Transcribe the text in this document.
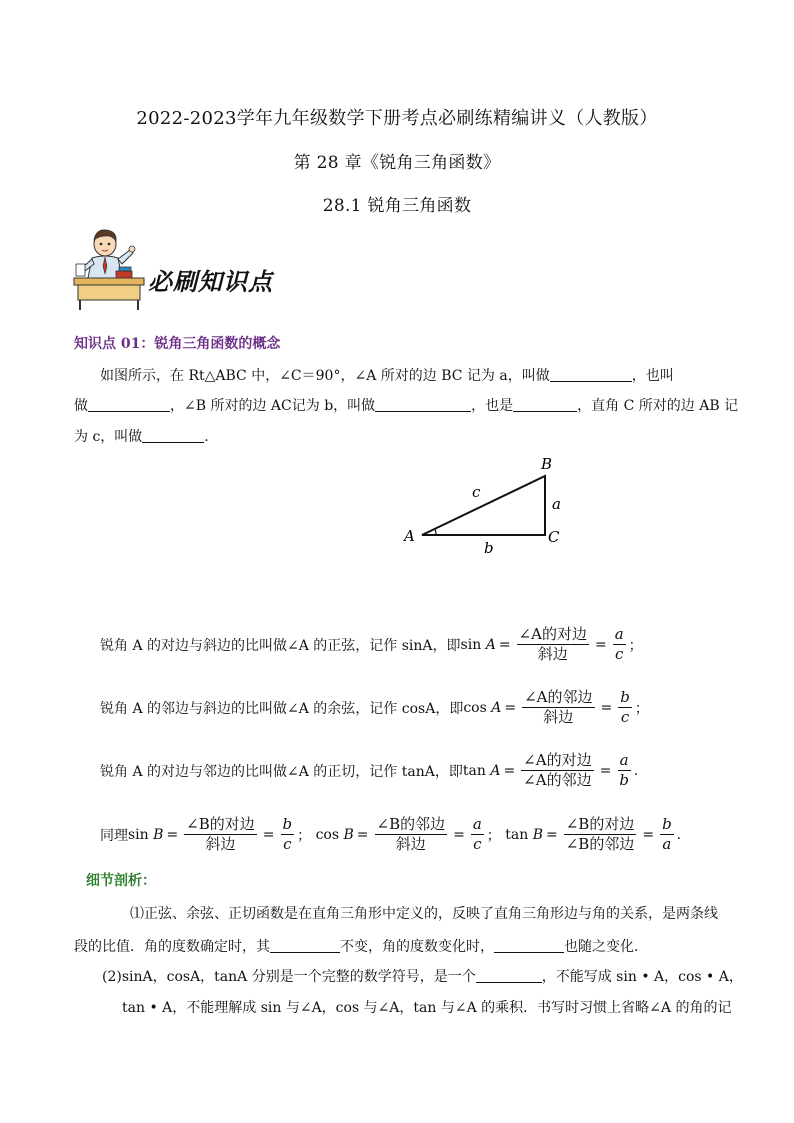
2022-2023学年九年级数学下册考点必刷练精编讲义（人教版）
第 28 章《锐角三角函数》
28.1 锐角三角函数
必刷知识点
知识点 01：锐角三角函数的概念
如图所示，在 Rt△ABC 中，∠C＝90°，∠A 所对的边 BC 记为 a，叫做	，也叫
做	，∠B 所对的边 AC记为 b，叫做	，也是	，直角 C 所对的边 AB 记
为 c，叫做	.
A
B
C
a
b
c
锐角 A 的对边与斜边的比叫做∠A 的正弦，记作 sinA，即 sin
$A = \frac{\text{∠A的对边}}{\text{斜边}} = \frac{a}{c}$ ；
锐角 A 的邻边与斜边的比叫做∠A 的余弦，记作 cosA，即 cos
$A = \frac{\text{∠A的邻边}}{\text{斜边}} = \frac{b}{c}$ ；
锐角 A 的对边与邻边的比叫做∠A 的正切，记作 tanA，即 tan
$A = \frac{\text{∠A的对边}}{\text{∠A的邻边}} = \frac{a}{b}$ .
同理 sin
$B = \frac{\text{∠B的对边}}{\text{斜边}} = \frac{b}{c}$ ；
cos
$B = \frac{\text{∠B的邻边}}{\text{斜边}} = \frac{a}{c}$ ；
tan
$B = \frac{\text{∠B的对边}}{\text{∠B的邻边}} = \frac{b}{a}$ .
细节剖析：
⑴正弦、余弦、正切函数是在直角三角形中定义的，反映了直角三角形边与角的关系，是两条线
段的比值．角的度数确定时，其	不变，角的度数变化时，	也随之变化．
(2)sinA，cosA，tanA 分别是一个完整的数学符号，是一个	，不能写成 sin • A，cos • A，
tan • A，不能理解成 sin 与∠A，cos 与∠A，tan 与∠A 的乘积．书写时习惯上省略∠A 的角的记
